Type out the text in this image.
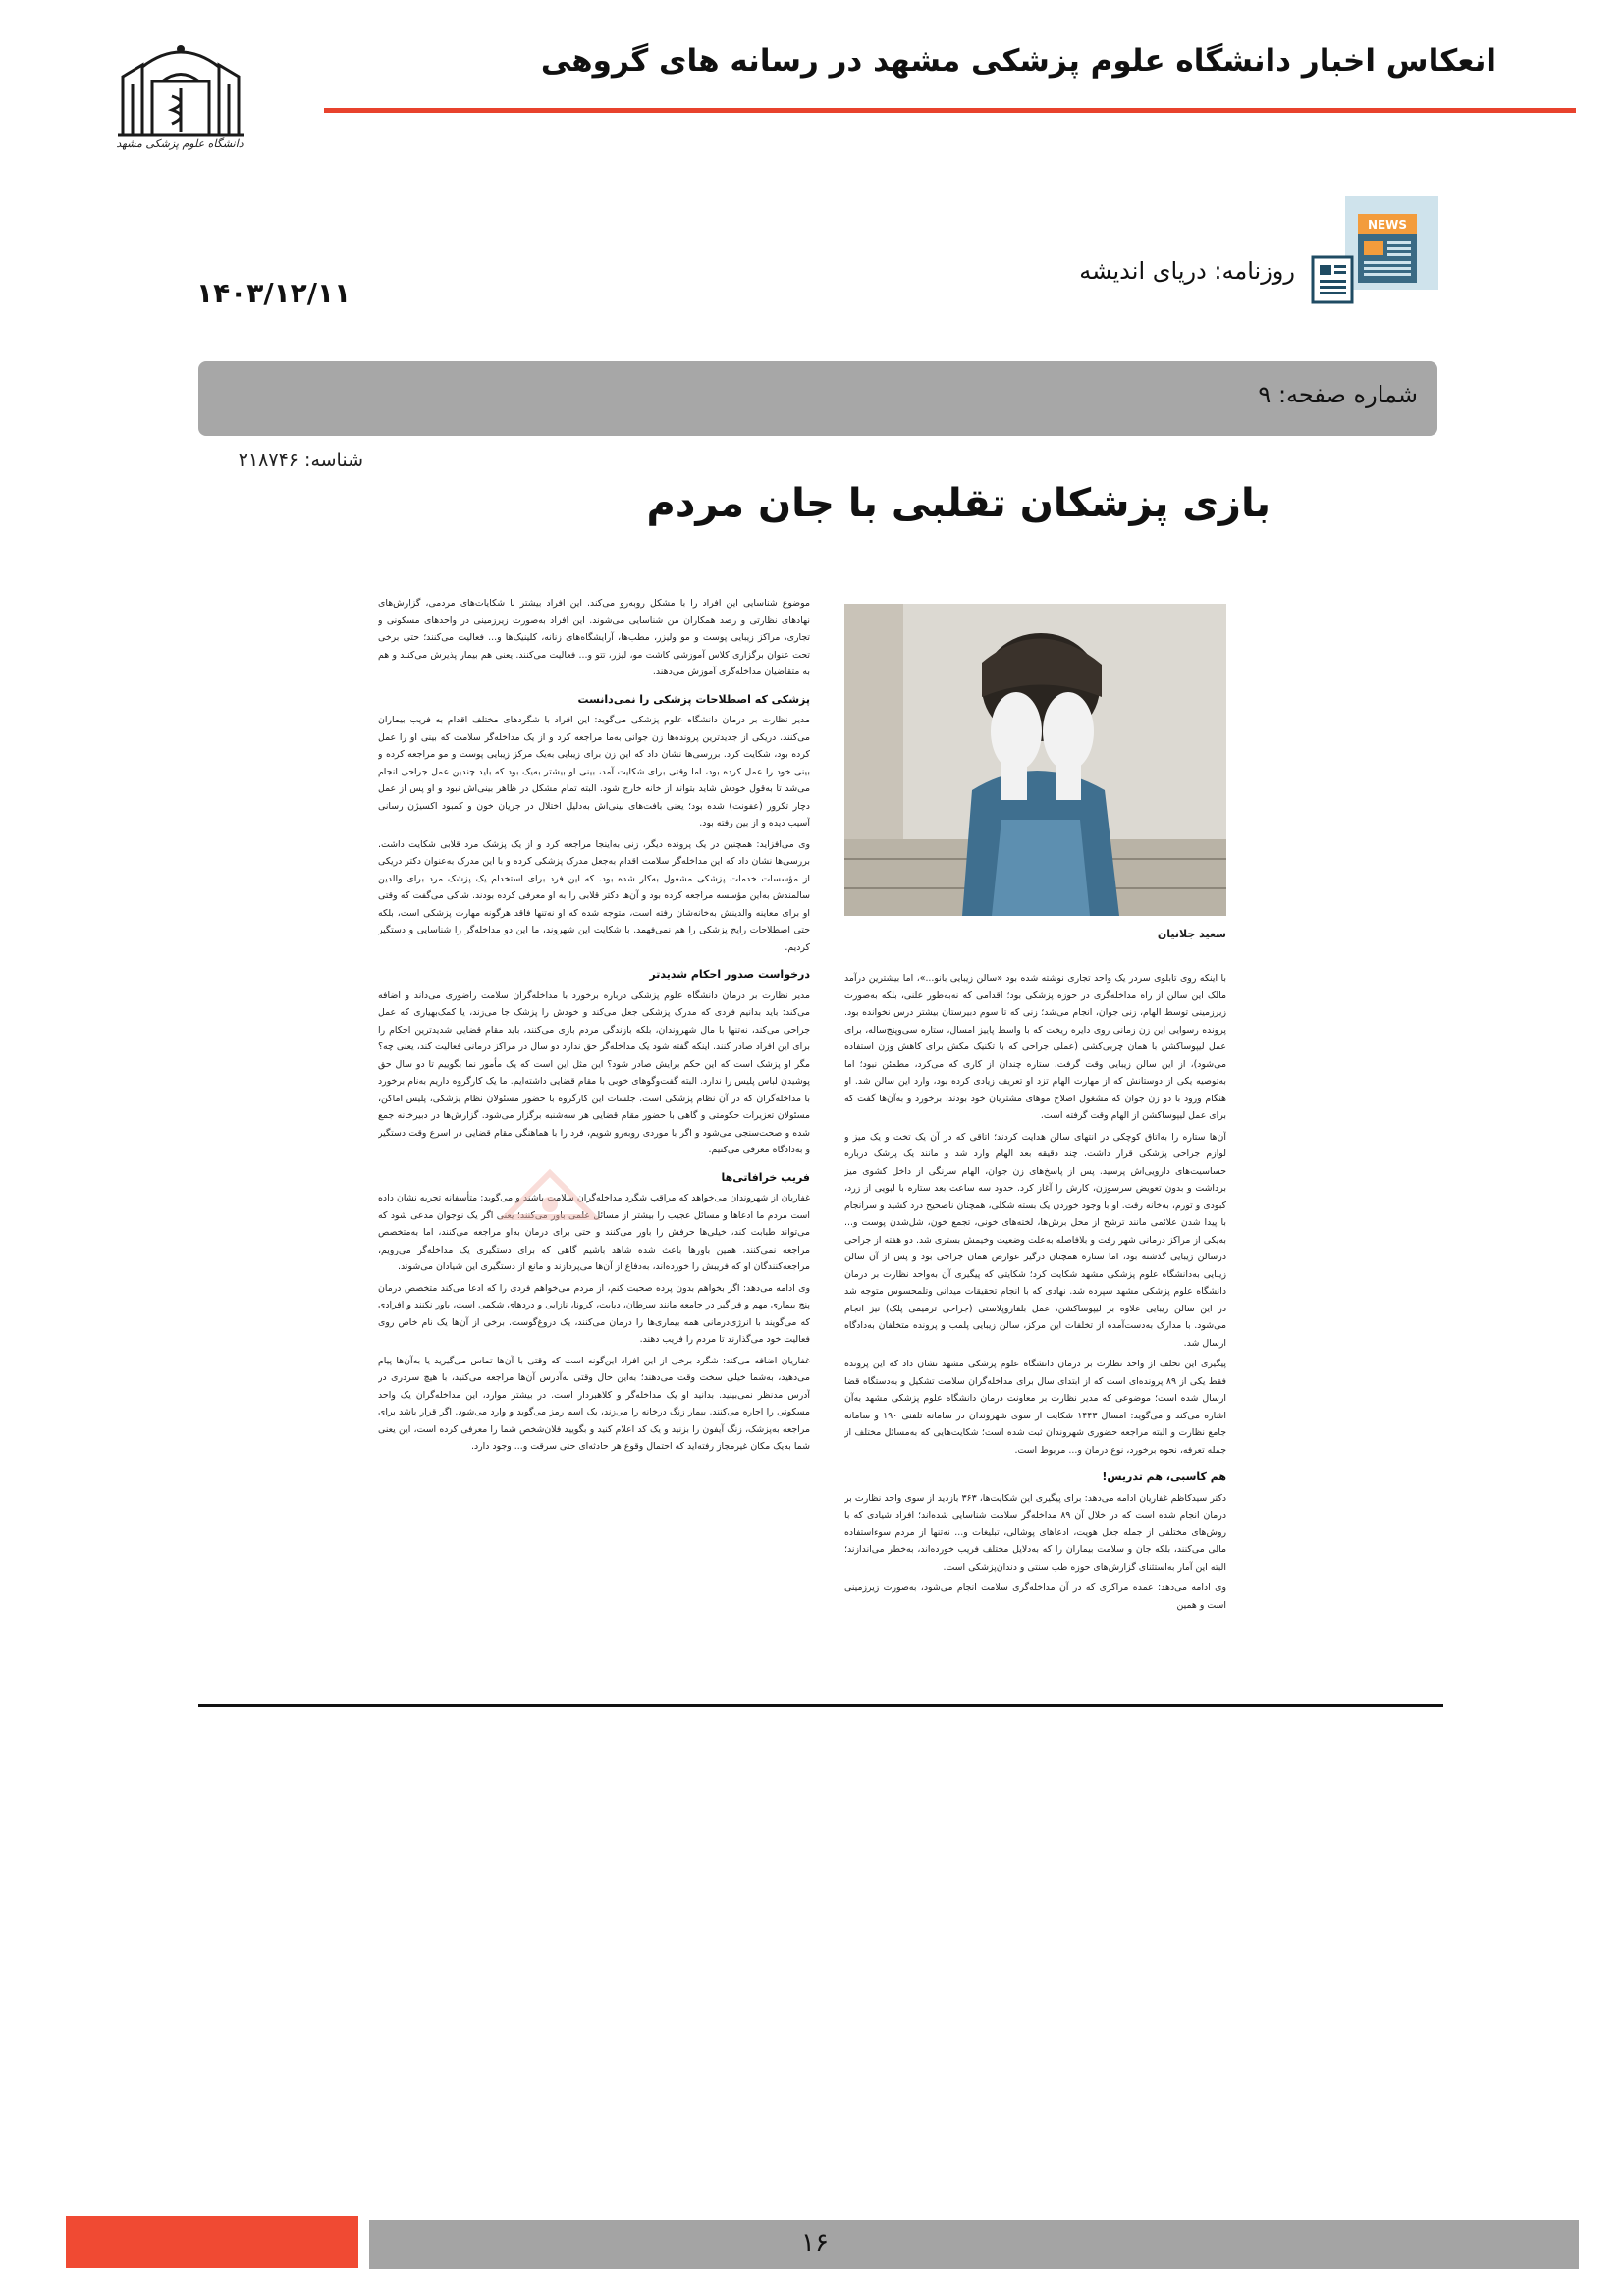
دانشگاه علوم پزشکی مشهد
انعکاس اخبار دانشگاه علوم پزشکی مشهد در رسانه های گروهی
NEWS
روزنامه: دریای اندیشه
۱۴۰۳/۱۲/۱۱
شماره صفحه: ۹
شناسه: ۲۱۸۷۴۶
بازی پزشکان تقلبی با جان مردم
سعید جلانیان

موضوع شناسایی این افراد را با مشکل روبه‌رو می‌کند. این افراد بیشتر با شکایات‌های مردمی، گزارش‌های نهادهای نظارتی و رصد همکاران من شناسایی می‌شوند. این افراد به‌صورت زیرزمینی در واحدهای مسکونی و تجاری، مراکز زیبایی پوست و مو ولیزر، مطب‌ها، آرایشگاه‌های زنانه، کلینیک‌ها و... فعالیت می‌کنند؛ حتی برخی تحت عنوان برگزاری کلاس آموزشی کاشت مو، لیزر، تتو و... فعالیت می‌کنند. یعنی هم بیمار پذیرش می‌کنند و هم به متقاضیان مداخله‌گری آموزش می‌دهند.

پزشکی که اصطلاحات پزشکی را نمی‌دانست

مدیر نظارت بر درمان دانشگاه علوم پزشکی می‌گوید: این افراد با شگردهای مختلف اقدام به فریب بیماران می‌کنند. دریکی از جدیدترین پرونده‌ها زن جوانی به‌ما مراجعه کرد و از یک مداخله‌گر سلامت که بینی او را عمل کرده بود، شکایت کرد. بررسی‌ها نشان داد که این زن برای زیبایی به‌یک مرکز زیبایی پوست و مو مراجعه کرده و بینی خود را عمل کرده بود، اما وقتی برای شکایت آمد، بینی او بیشتر به‌یک بود که باید چندین عمل جراحی انجام می‌شد تا به‌قول خودش شاید بتواند از خانه خارج شود. البته تمام مشکل در ظاهر بینی‌اش نبود و او پس از عمل دچار تکرور (عفونت) شده بود؛ یعنی بافت‌های بینی‌اش به‌دلیل اختلال در جریان خون و کمبود اکسیژن رسانی آسیب دیده و از بین رفته بود.

وی می‌افزاید: همچنین در یک پرونده دیگر، زنی به‌اینجا مراجعه کرد و از یک پزشک مرد قلابی شکایت داشت. بررسی‌ها نشان داد که این مداخله‌گر سلامت اقدام به‌جعل مدرک پزشکی کرده و با این مدرک به‌عنوان دکتر دریکی از مؤسسات خدمات پزشکی مشغول به‌کار شده بود. که این فرد برای استخدام یک پزشک مرد برای والدین سالمندش به‌این مؤسسه مراجعه کرده بود و آن‌ها دکتر قلابی را به او معرفی کرده بودند. شاکی می‌گفت که وقتی او برای معاینه والدینش به‌خانه‌شان رفته است، متوجه شده که او نه‌تنها فاقد هرگونه مهارت پزشکی است، بلکه حتی اصطلاحات رایج پزشکی را هم نمی‌فهمد. با شکایت این شهروند، ما این دو مداخله‌گر را شناسایی و دستگیر کردیم.

درخواست صدور احکام شدیدتر

مدیر نظارت بر درمان دانشگاه علوم پزشکی درباره برخورد با مداخله‌گران سلامت راضوری می‌داند و اضافه می‌کند: باید بدانیم فردی که مدرک پزشکی جعل می‌کند و خودش را پزشک جا می‌زند، یا کمک‌بهیاری که عمل جراحی می‌کند، نه‌تنها با مال شهروندان، بلکه بازندگی مردم بازی می‌کنند، باید مقام قضایی شدیدترین احکام را برای این افراد صادر کنند. اینکه گفته شود یک مداخله‌گر حق ندارد دو سال در مراکز درمانی فعالیت کند، یعنی چه؟ مگر او پزشک است که این حکم برایش صادر شود؟ این مثل این است که یک مأمور نما بگوییم تا دو سال حق پوشیدن لباس پلیس را ندارد. البته گفت‌وگوهای خوبی با مقام قضایی داشته‌ایم. ما یک کارگروه داریم به‌نام برخورد با مداخله‌گران که در آن نظام پزشکی است. جلسات این کارگروه با حضور مسئولان نظام پزشکی، پلیس اماکن، مسئولان تعزیرات حکومتی و گاهی با حضور مقام قضایی هر سه‌شنبه برگزار می‌شود. گزارش‌ها در دبیرخانه جمع شده و صحت‌سنجی می‌شود و اگر با موردی روبه‌رو شویم، فرد را با هماهنگی مقام قضایی در اسرع وقت دستگیر و به‌دادگاه معرفی می‌کنیم.

فریب خرافاتی‌ها

غفاریان از شهروندان می‌خواهد که مراقب شگرد مداخله‌گران سلامت باشند و می‌گوید: متأسفانه تجربه نشان داده است مردم ما ادعاها و مسائل عجیب را بیشتر از مسائل علمی باور می‌کنند؛ یعنی اگر یک نوجوان مدعی شود که می‌تواند طبابت کند، خیلی‌ها حرفش را باور می‌کنند و حتی برای درمان به‌او مراجعه می‌کنند، اما به‌متخصص مراجعه نمی‌کنند. همین باورها باعث شده شاهد باشیم گاهی که برای دستگیری یک مداخله‌گر می‌رویم، مراجعه‌کنندگان او که فریبش را خورده‌اند، به‌دفاع از آن‌ها می‌پردازند و مانع از دستگیری این شیادان می‌شوند.

وی ادامه می‌دهد: اگر بخواهم بدون پرده صحبت کنم، از مردم می‌خواهم فردی را که ادعا می‌کند متخصص درمان پنج بیماری مهم و فراگیر در جامعه مانند سرطان، دیابت، کرونا، نازایی و دردهای شکمی است، باور نکنند و افرادی که می‌گویند با انرژی‌درمانی همه بیماری‌ها را درمان می‌کنند، یک دروغ‌گوست. برخی از آن‌ها یک نام خاص روی فعالیت خود می‌گذارند تا مردم را فریب دهند.

غفاریان اضافه می‌کند: شگرد برخی از این افراد این‌گونه است که وقتی با آن‌ها تماس می‌گیرید یا به‌آن‌ها پیام می‌دهید، به‌شما خیلی سخت وقت می‌دهند؛ به‌این حال وقتی به‌آدرس آن‌ها مراجعه می‌کنید، با هیچ سردری در آدرس مدنظر نمی‌بینید. بدانید او یک مداخله‌گر و کلاهبردار است. در بیشتر موارد، این مداخله‌گران یک واحد مسکونی را اجاره می‌کنند. بیمار زنگ درخانه را می‌زند، یک اسم رمز می‌گوید و وارد می‌شود. اگر قرار باشد برای مراجعه به‌پزشک، زنگ آیفون را بزنید و یک کد اعلام کنید و بگویید فلان‌شخص شما را معرفی کرده است، این یعنی شما به‌یک مکان غیرمجاز رفته‌اید که احتمال وقوع هر حادثه‌ای حتی سرقت و... وجود دارد.

با اینکه روی تابلوی سردر یک واحد تجاری نوشته شده بود «سالن زیبایی بانو...»، اما بیشترین درآمد مالک این سالن از راه مداخله‌گری در حوزه پزشکی بود؛ اقدامی که نه‌به‌طور علنی، بلکه به‌صورت زیرزمینی توسط الهام، زنی جوان، انجام می‌شد؛ زنی که تا سوم دبیرستان بیشتر درس نخوانده بود. پرونده رسوایی این زن زمانی روی دایره ریخت که با واسط پاییز امسال، ستاره سی‌وپنج‌ساله، برای عمل لیپوساکشن با همان چربی‌کشی (عملی جراحی که با تکنیک مکش برای کاهش وزن استفاده می‌شود)، از این سالن زیبایی وقت گرفت. ستاره چندان از کاری که می‌کرد، مطمئن نبود؛ اما به‌توصیه یکی از دوستانش که از مهارت الهام تزد او تعریف زیادی کرده بود، وارد این سالن شد. او هنگام ورود با دو زن جوان که مشغول اصلاح موهای مشتریان خود بودند، برخورد و به‌آن‌ها گفت که برای عمل لیپوساکشن از الهام وقت گرفته است.

آن‌ها ستاره را به‌اتاق کوچکی در انتهای سالن هدایت کردند؛ اتاقی که در آن یک تخت و یک میز و لوازم جراحی پزشکی قرار داشت. چند دقیقه بعد الهام وارد شد و مانند یک پزشک درباره حساسیت‌های دارویی‌اش پرسید. پس از پاسخ‌های زن جوان، الهام سرنگی از داخل کشوی میز برداشت و بدون تعویض سرسوزن، کارش را آغاز کرد. حدود سه ساعت بعد ستاره با لبویی از زرد، کبودی و تورم، به‌خانه رفت. او با وجود خوردن یک بسته شکلی، همچنان ناصحیح درد کشید و سرانجام با پیدا شدن علائمی مانند ترشح از محل برش‌ها، لخته‌های خونی، تجمع خون، شل‌شدن پوست و... به‌یکی از مراکز درمانی شهر رفت و بلافاصله به‌علت وضعیت وخیمش بستری شد. دو هفته از جراحی درسالن زیبایی گذشته بود، اما ستاره همچنان درگیر عوارض همان جراحی بود و پس از آن سالن زیبایی به‌دانشگاه علوم پزشکی مشهد شکایت کرد؛ شکایتی که پیگیری آن به‌واحد نظارت بر درمان دانشگاه علوم پزشکی مشهد سپرده شد. نهادی که با انجام تحقیقات میدانی وتلمحسوس متوجه شد در این سالن زیبایی علاوه بر لیپوساکشن، عمل بلفاروپلاستی (جراحی ترمیمی پلک) نیز انجام می‌شود. با مدارک به‌دست‌آمده از تخلفات این مرکز، سالن زیبایی پلمب و پرونده متخلفان به‌دادگاه ارسال شد.

پیگیری این تخلف از واحد نظارت بر درمان دانشگاه علوم پزشکی مشهد نشان داد که این پرونده فقط یکی از ۸۹ پرونده‌ای است که از ابتدای سال برای مداخله‌گران سلامت تشکیل و به‌دستگاه قضا ارسال شده است؛ موضوعی که مدیر نظارت بر معاونت درمان دانشگاه علوم پزشکی مشهد به‌آن اشاره می‌کند و می‌گوید: امسال ۱۴۴۳ شکایت از سوی شهروندان در سامانه تلفنی ۱۹۰ و سامانه جامع نظارت و البته مراجعه حضوری شهروندان ثبت شده است؛ شکایت‌هایی که به‌مسائل مختلف از جمله تعرفه، نحوه برخورد، نوع درمان و... مربوط است.

هم کاسبی، هم تدریس!

دکتر سیدکاظم غفاریان ادامه می‌دهد: برای پیگیری این شکایت‌ها، ۳۶۳ بازدید از سوی واحد نظارت بر درمان انجام شده است که در خلال آن ۸۹ مداخله‌گر سلامت شناسایی شده‌اند؛ افراد شیادی که با روش‌های مختلفی از جمله جعل هویت، ادعاهای پوشالی، تبلیغات و... نه‌تنها از مردم سوءاستفاده مالی می‌کنند، بلکه جان و سلامت بیماران را که به‌دلایل مختلف فریب خورده‌اند، به‌خطر می‌اندازند؛ البته این آمار به‌استثنای گزارش‌های حوزه طب سنتی و دندان‌پزشکی است.

وی ادامه می‌دهد: عمده مراکزی که در آن مداخله‌گری سلامت انجام می‌شود، به‌صورت زیرزمینی است و همین

۱۶
